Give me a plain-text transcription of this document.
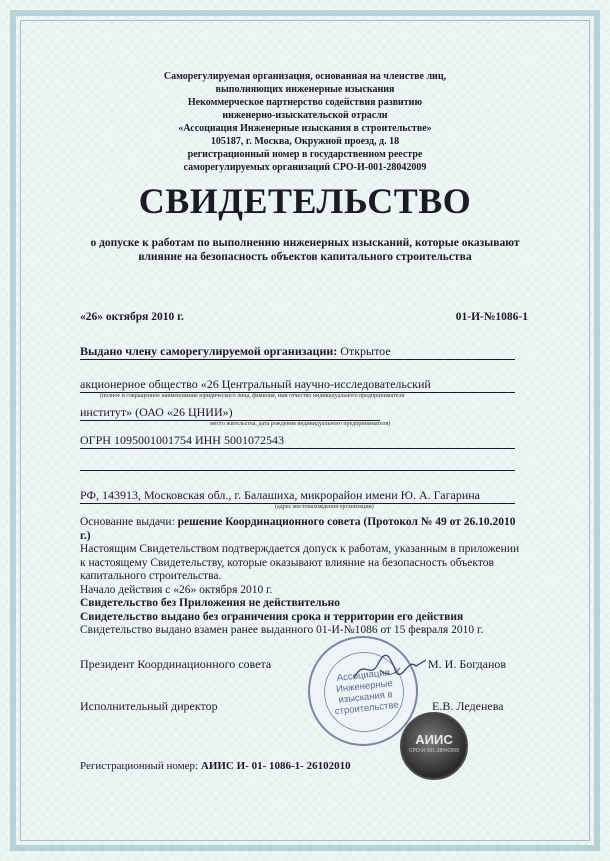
Саморегулируемая организация, основанная на членстве лиц,
выполняющих инженерные изыскания
Некоммерческое партнерство содействия развитию
инженерно-изыскательской отрасли
«Ассоциация Инженерные изыскания в строительстве»
105187, г. Москва, Окружной проезд, д. 18
регистрационный номер в государственном реестре
саморегулируемых организаций СРО-И-001-28042009
СВИДЕТЕЛЬСТВО
о допуске к работам по выполнению инженерных изысканий, которые оказывают влияние на безопасность объектов капитального строительства
«26» октября 2010 г.	01-И-№1086-1
Выдано члену саморегулируемой организации: Открытое
акционерное общество «26 Центральный научно-исследовательский
(полное и сокращенное наименование юридического лица, фамилия, имя отчество индивидуального предпринимателя
институт» (ОАО «26 ЦНИИ»)
место жительства, дата рождения индивидуального предпринимателя)
ОГРН 1095001001754 ИНН 5001072543
РФ, 143913, Московская обл., г. Балашиха, микрорайон имени Ю. А. Гагарина
(адрес местонахождения организации)
Основание выдачи: решение Координационного совета (Протокол № 49 от 26.10.2010 г.)
Настоящим Свидетельством подтверждается допуск к работам, указанным в приложении к настоящему Свидетельству, которые оказывают влияние на безопасность объектов капитального строительства.
Начало действия с «26» октября 2010 г.
Свидетельство без Приложения не действительно
Свидетельство выдано без ограничения срока и территории его действия
Свидетельство выдано взамен ранее выданного 01-И-№1086 от 15 февраля 2010 г.
Президент Координационного совета	М. И. Богданов
Исполнительный директор	Е.В. Леденева
Ассоциация Инженерные изыскания в строительстве
АИИС
СРО-И-001-28042009
Регистрационный номер: АИИС И- 01- 1086-1- 26102010
